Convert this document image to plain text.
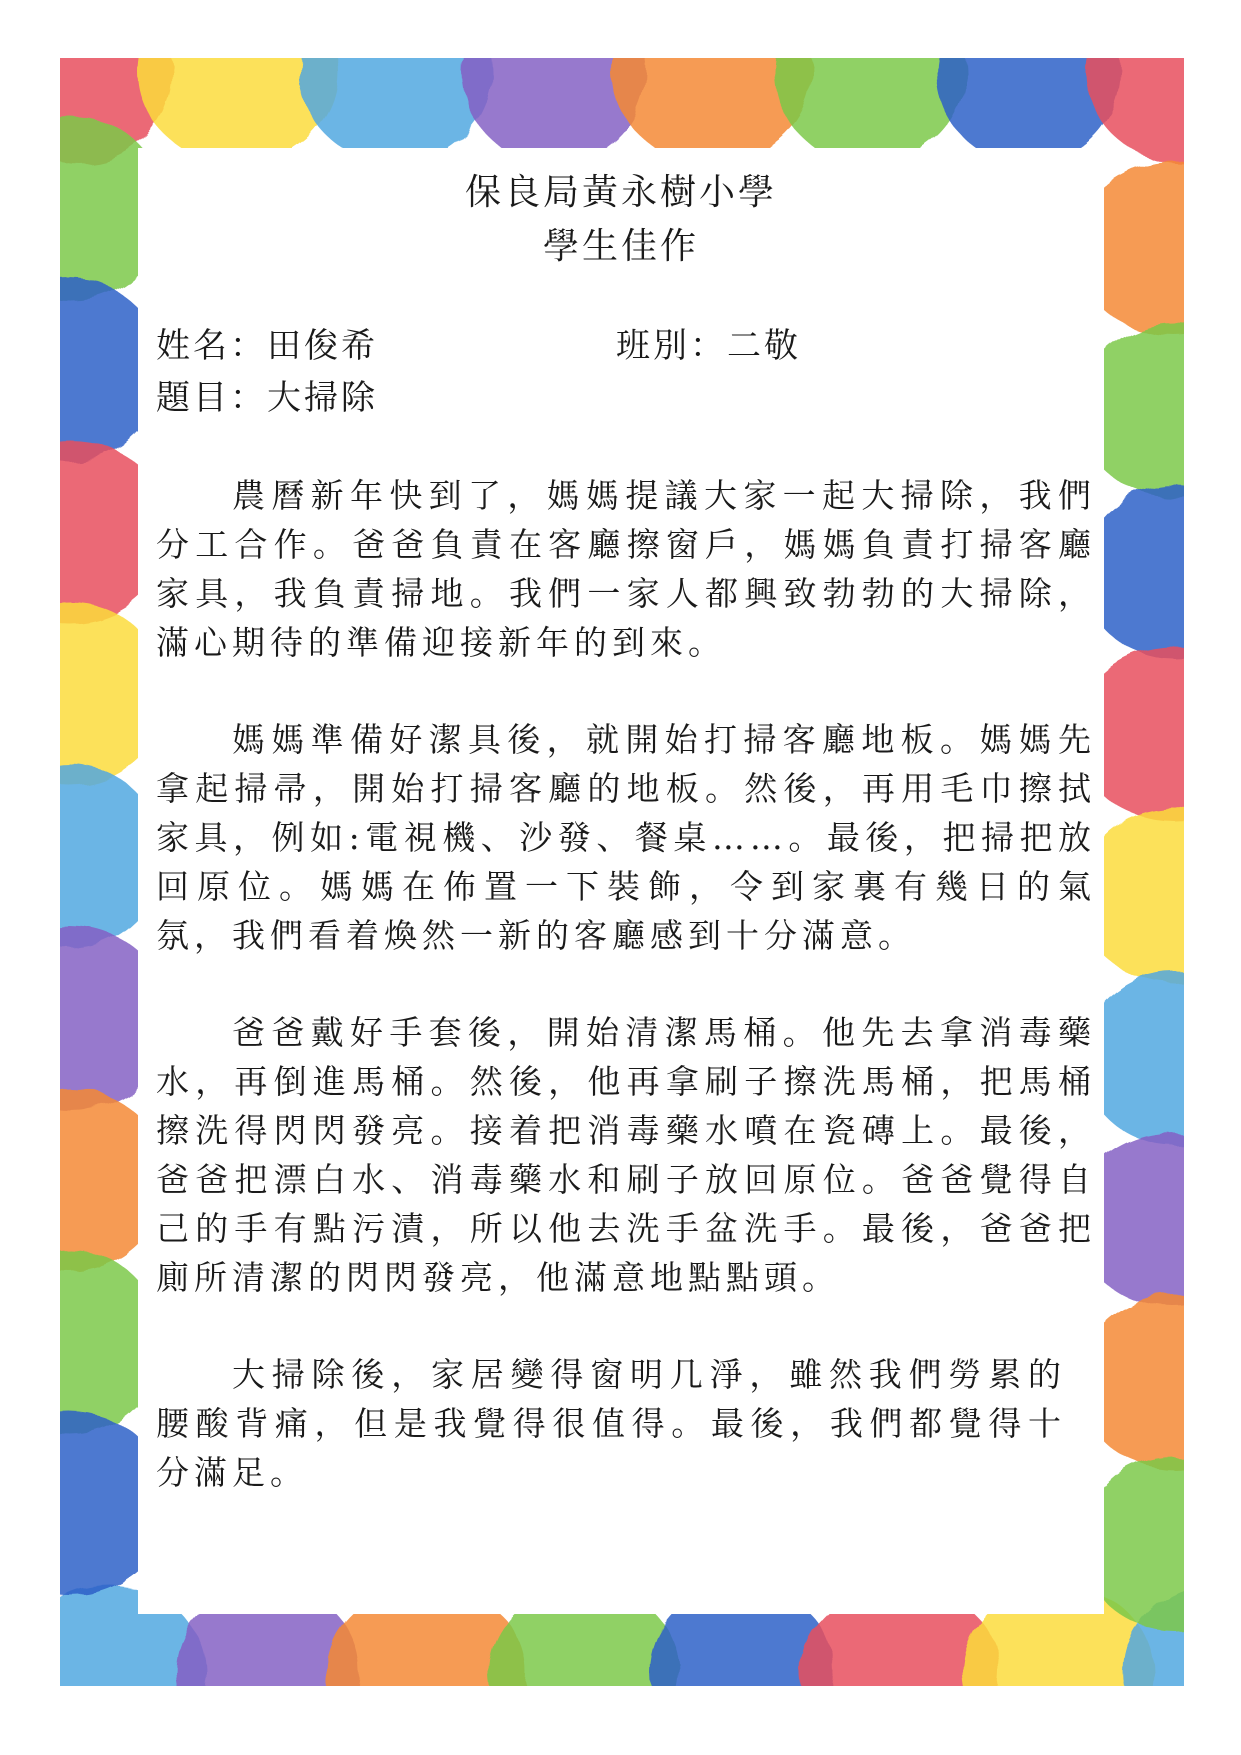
保良局黃永樹小學
學生佳作
姓名：田俊希	班別：二敬
題目：大掃除

農曆新年快到了，媽媽提議大家一起大掃除，我們分工合作。爸爸負責在客廳擦窗戶，媽媽負責打掃客廳家具，我負責掃地。我們一家人都興致勃勃的大掃除，滿心期待的準備迎接新年的到來。

媽媽準備好潔具後，就開始打掃客廳地板。媽媽先拿起掃帚，開始打掃客廳的地板。然後，再用毛巾擦拭家具，例如:電視機、沙發、餐桌……。最後，把掃把放回原位。媽媽在佈置一下裝飾，令到家裏有幾日的氣氛，我們看着煥然一新的客廳感到十分滿意。

爸爸戴好手套後，開始清潔馬桶。他先去拿消毒藥水，再倒進馬桶。然後，他再拿刷子擦洗馬桶，把馬桶擦洗得閃閃發亮。接着把消毒藥水噴在瓷磚上。最後，爸爸把漂白水、消毒藥水和刷子放回原位。爸爸覺得自己的手有點污漬，所以他去洗手盆洗手。最後，爸爸把廁所清潔的閃閃發亮，他滿意地點點頭。

大掃除後，家居變得窗明几淨，雖然我們勞累的腰酸背痛，但是我覺得很值得。最後，我們都覺得十分滿足。
